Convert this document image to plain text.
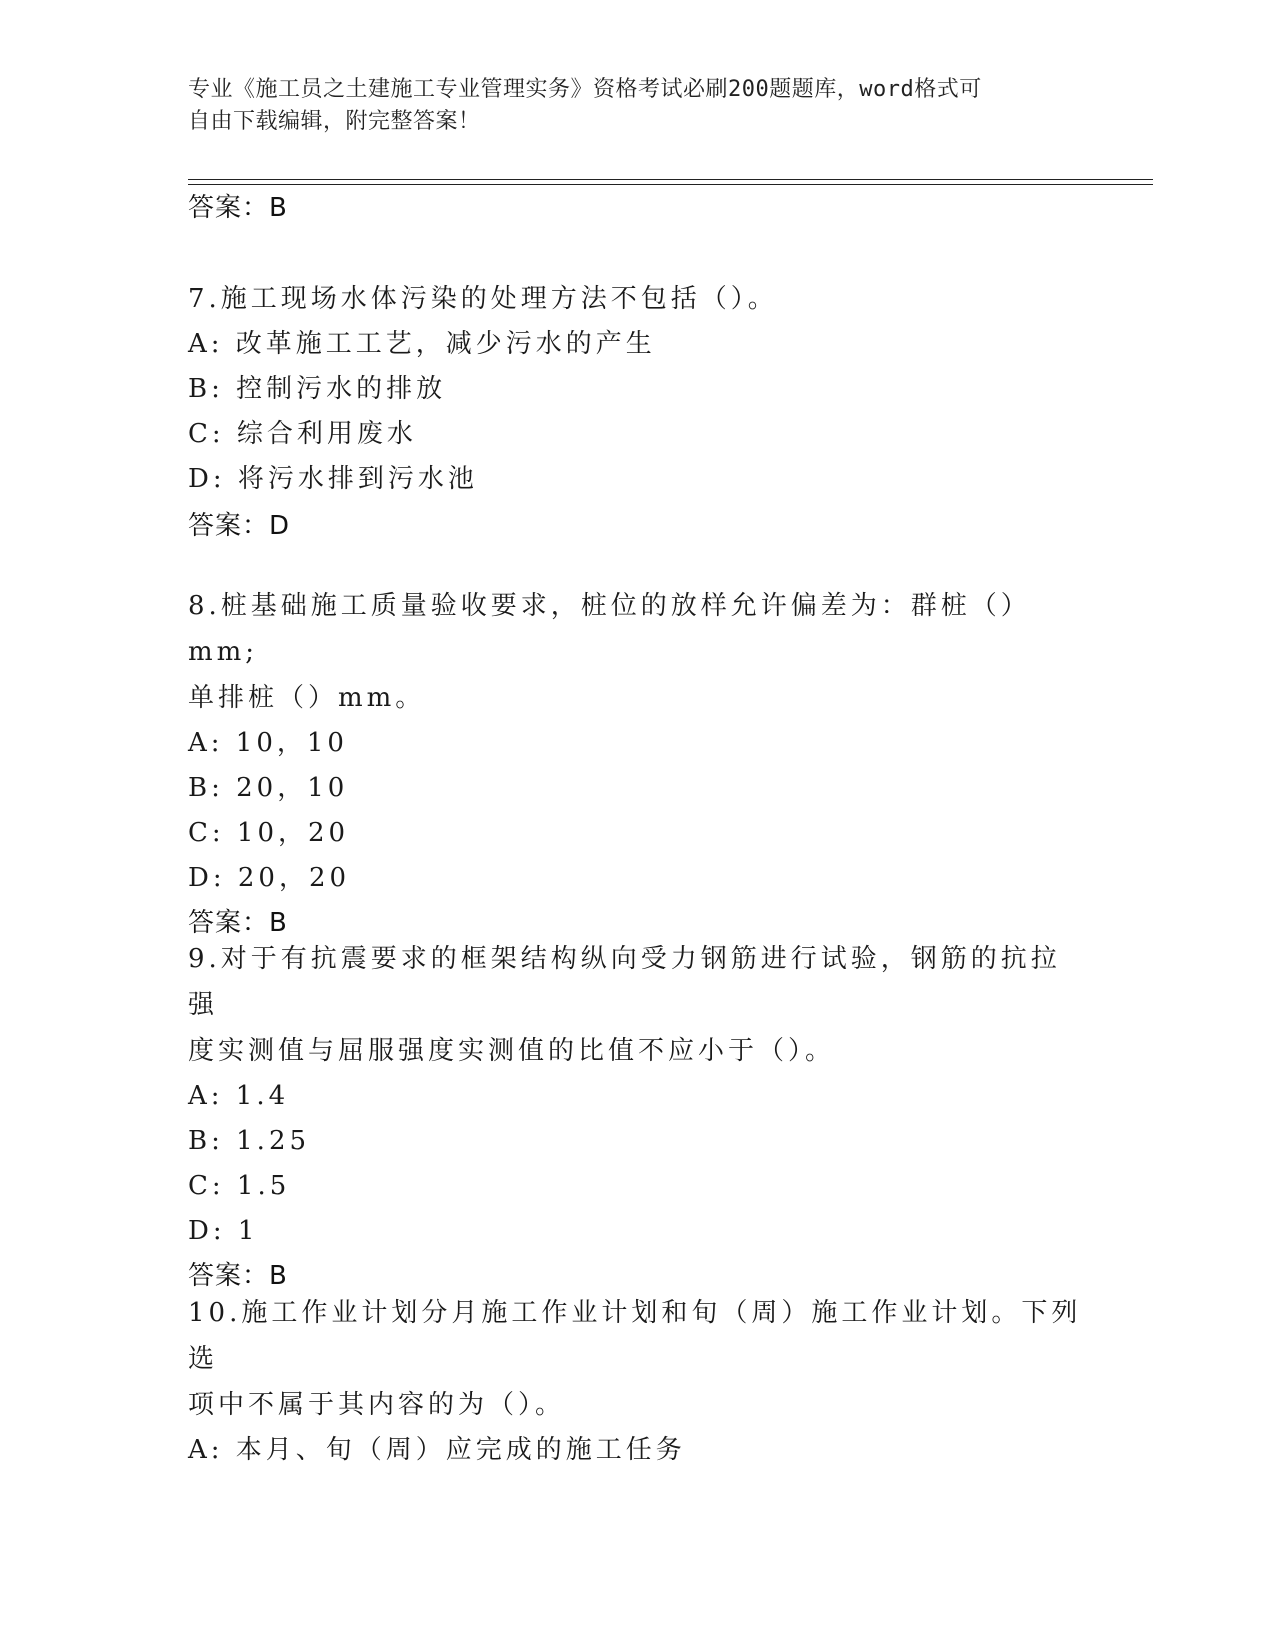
专业《施工员之土建施工专业管理实务》资格考试必刷200题题库，word格式可
自由下载编辑，附完整答案！
答案：B
7.施工现场水体污染的处理方法不包括（）。
A: 改革施工工艺，减少污水的产生
B: 控制污水的排放
C: 综合利用废水
D: 将污水排到污水池
答案：D
8.桩基础施工质量验收要求，桩位的放样允许偏差为：群桩（）mm;
单排桩（）mm。
A: 10，10
B: 20，10
C: 10，20
D: 20，20
答案：B
9.对于有抗震要求的框架结构纵向受力钢筋进行试验，钢筋的抗拉强
度实测值与屈服强度实测值的比值不应小于（）。
A: 1.4
B: 1.25
C: 1.5
D: 1
答案：B
10.施工作业计划分月施工作业计划和旬（周）施工作业计划。下列选
项中不属于其内容的为（）。
A: 本月、旬（周）应完成的施工任务
